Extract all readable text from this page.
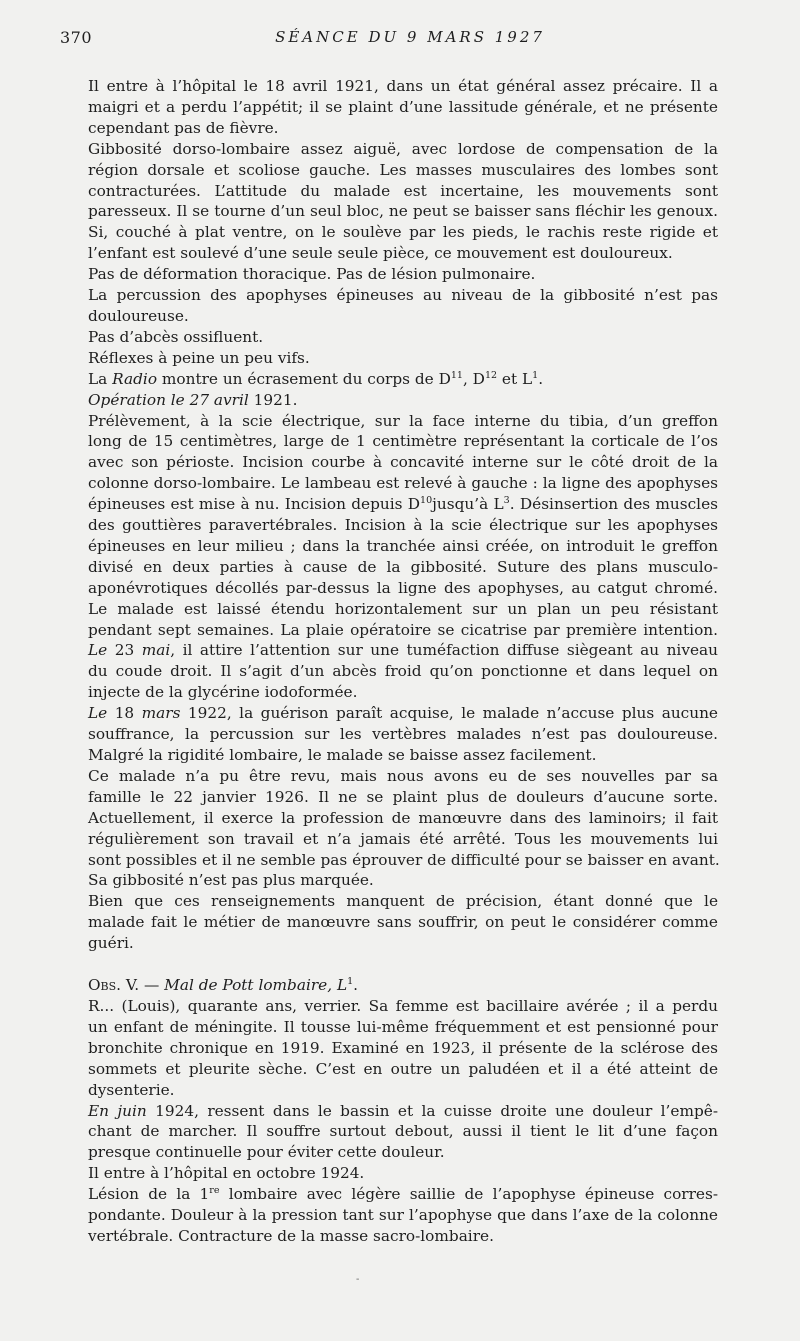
370	SÉANCE DU 9 MARS 1927

Il entre à l’hôpital le 18 avril 1921, dans un état général assez précaire. Il a
maigri et a perdu l’appétit; il se plaint d’une lassitude générale, et ne présente
cependant pas de fièvre.

Gibbosité dorso-lombaire assez aiguë, avec lordose de compensation de la
région dorsale et scoliose gauche. Les masses musculaires des lombes sont
contracturées. L’attitude du malade est incertaine, les mouvements sont
paresseux. Il se tourne d’un seul bloc, ne peut se baisser sans fléchir les genoux.

Si, couché à plat ventre, on le soulève par les pieds, le rachis reste rigide et
l’enfant est soulevé d’une seule seule pièce, ce mouvement est douloureux.

Pas de déformation thoracique. Pas de lésion pulmonaire.

La percussion des apophyses épineuses au niveau de la gibbosité n’est pas
douloureuse.

Pas d’abcès ossifluent.

Réflexes à peine un peu vifs.

La Radio montre un écrasement du corps de $D^{11}$, $D^{12}$ et $L^1$.

Opération le 27 avril 1921.

Prélèvement, à la scie électrique, sur la face interne du tibia, d’un greffon
long de 15 centimètres, large de 1 centimètre représentant la corticale de l’os
avec son périoste. Incision courbe à concavité interne sur le côté droit de la
colonne dorso-lombaire. Le lambeau est relevé à gauche : la ligne des apophyses
épineuses est mise à nu. Incision depuis $D^{10}jusqu’à$ $L^3$. Désinsertion des muscles
des gouttières paravertébrales. Incision à la scie électrique sur les apophyses
épineuses en leur milieu ; dans la tranchée ainsi créée, on introduit le greffon
divisé en deux parties à cause de la gibbosité. Suture des plans musculo-
aponévrotiques décollés par-dessus la ligne des apophyses, au catgut chromé.

Le malade est laissé étendu horizontalement sur un plan un peu résistant
pendant sept semaines. La plaie opératoire se cicatrise par première intention.

Le 23 mai, il attire l’attention sur une tuméfaction diffuse siègeant au niveau
du coude droit. Il s’agit d’un abcès froid qu’on ponctionne et dans lequel on
injecte de la glycérine iodoformée.

Le 18 mars 1922, la guérison paraît acquise, le malade n’accuse plus aucune
souffrance, la percussion sur les vertèbres malades n’est pas douloureuse.
Malgré la rigidité lombaire, le malade se baisse assez facilement.

Ce malade n’a pu être revu, mais nous avons eu de ses nouvelles par sa
famille le 22 janvier 1926. Il ne se plaint plus de douleurs d’aucune sorte.
Actuellement, il exerce la profession de manœuvre dans des laminoirs; il fait
régulièrement son travail et n’a jamais été arrêté. Tous les mouvements lui
sont possibles et il ne semble pas éprouver de difficulté pour se baisser en avant.
Sa gibbosité n’est pas plus marquée.

Bien que ces renseignements manquent de précision, étant donné que le
malade fait le métier de manœuvre sans souffrir, on peut le considérer comme
guéri.

Obs. V. — Mal de Pott lombaire, $L^1$.

R... (Louis), quarante ans, verrier. Sa femme est bacillaire avérée ; il a perdu
un enfant de méningite. Il tousse lui-même fréquemment et est pensionné pour
bronchite chronique en 1919. Examiné en 1923, il présente de la sclérose des
sommets et pleurite sèche. C’est en outre un paludéen et il a été atteint de
dysenterie.

En juin 1924, ressent dans le bassin et la cuisse droite une douleur l’empê-
chant de marcher. Il souffre surtout debout, aussi il tient le lit d’une façon
presque continuelle pour éviter cette douleur.

Il entre à l’hôpital en octobre 1924.

Lésion de la 1re lombaire avec légère saillie de l’apophyse épineuse corres-
pondante. Douleur à la pression tant sur l’apophyse que dans l’axe de la colonne
vertébrale. Contracture de la masse sacro-lombaire.

-
